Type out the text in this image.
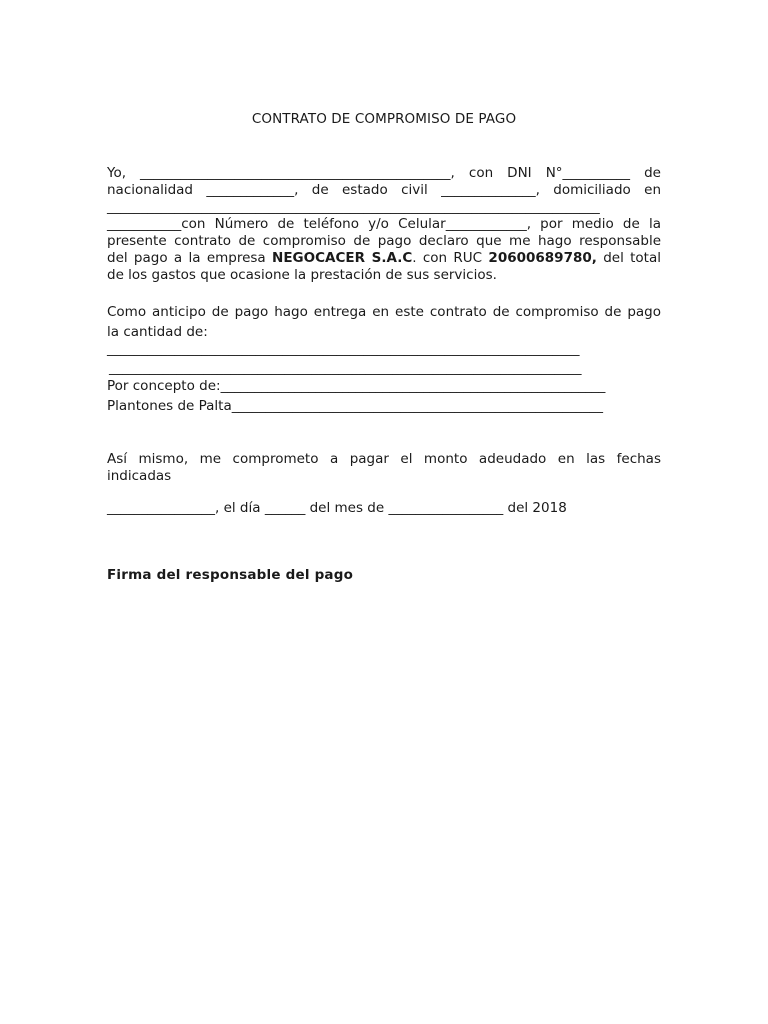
CONTRATO DE COMPROMISO DE PAGO
Yo, ______________________________________________, con DNI N°__________ de
nacionalidad _____________, de estado civil ______________, domiciliado en
_________________________________________________________________________
___________con Número de teléfono y/o Celular____________, por medio de la
presente contrato de compromiso de pago declaro que me hago responsable
del pago a la empresa NEGOCACER S.A.C. con RUC 20600689780, del total
de los gastos que ocasione la prestación de sus servicios.
Como anticipo de pago hago entrega en este contrato de compromiso de pago
la cantidad de:
______________________________________________________________________
______________________________________________________________________
Por concepto de:_________________________________________________________
Plantones de Palta_______________________________________________________
Así mismo, me comprometo a pagar el monto adeudado en las fechas
indicadas
________________, el día ______ del mes de _________________ del 2018
Firma del responsable del pago
